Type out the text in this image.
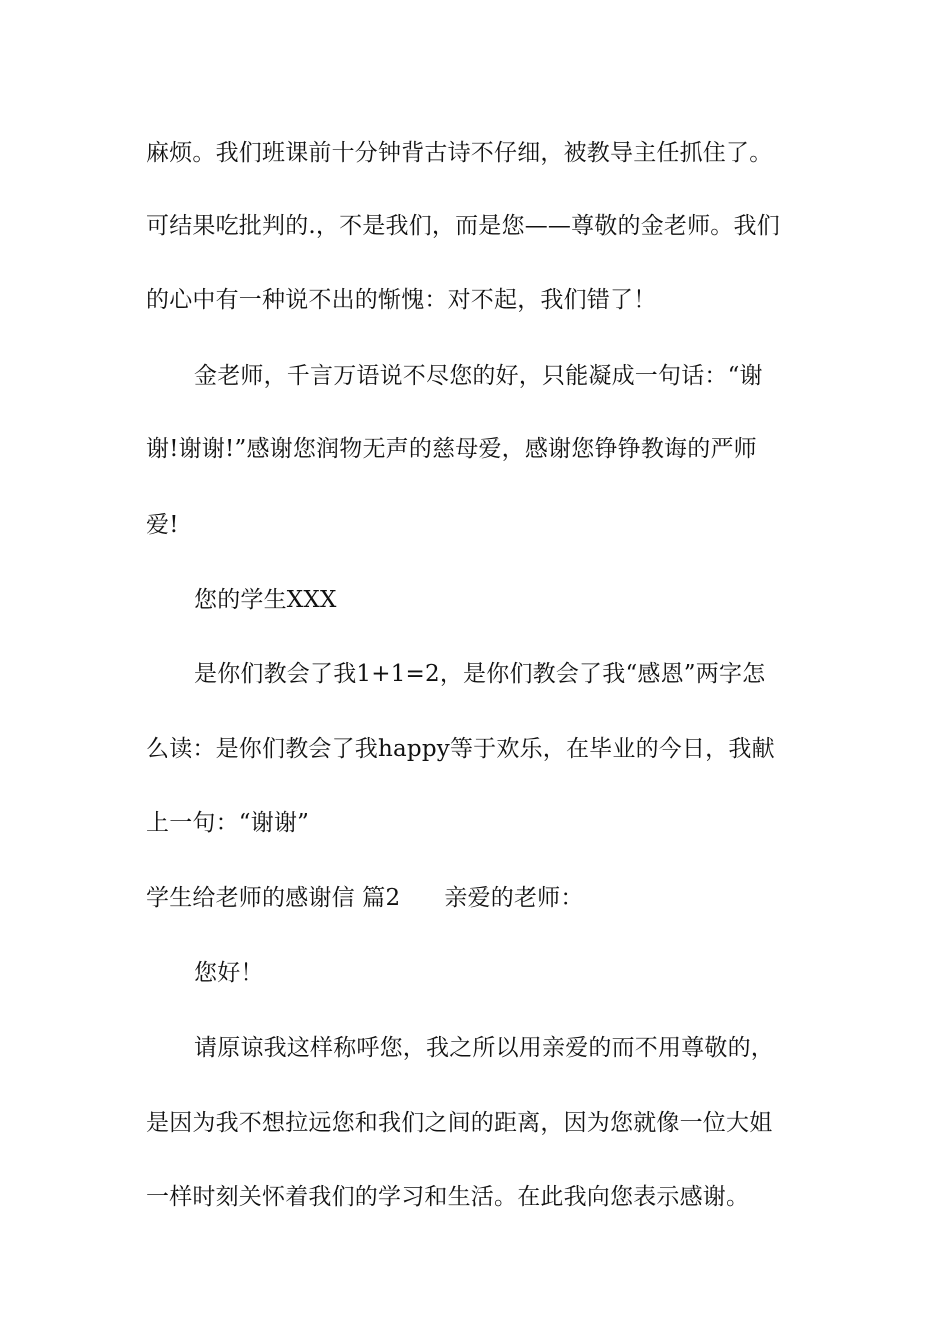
麻烦。我们班课前十分钟背古诗不仔细，被教导主任抓住了。
可结果吃批判的.，不是我们，而是您——尊敬的金老师。我们
的心中有一种说不出的惭愧：对不起，我们错了！
金老师，千言万语说不尽您的好，只能凝成一句话：“谢
谢!谢谢!”感谢您润物无声的慈母爱，感谢您铮铮教诲的严师
爱!
您的学生XXX
是你们教会了我1+1=2，是你们教会了我“感恩”两字怎
么读：是你们教会了我happy等于欢乐，在毕业的今日，我献
上一句：“谢谢”
学生给老师的感谢信 篇2 亲爱的老师：
您好！
请原谅我这样称呼您，我之所以用亲爱的而不用尊敬的，
是因为我不想拉远您和我们之间的距离，因为您就像一位大姐
一样时刻关怀着我们的学习和生活。在此我向您表示感谢。
